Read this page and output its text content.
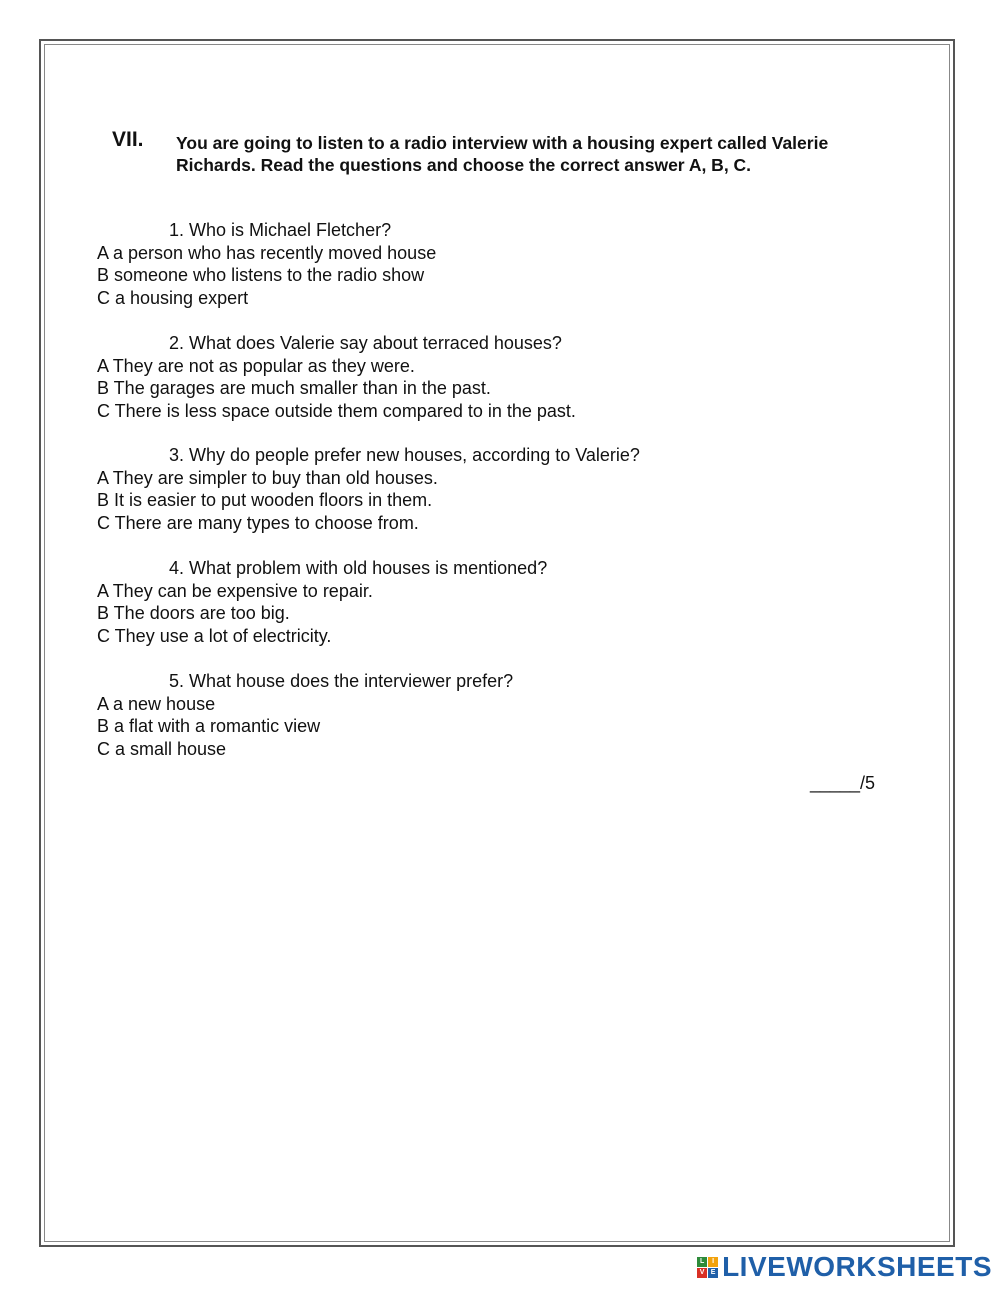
VII. You are going to listen to a radio interview with a housing expert called Valerie Richards. Read the questions and choose the correct answer A, B, C.
1. Who is Michael Fletcher?
A a person who has recently moved house
B someone who listens to the radio show
C a housing expert
2. What does Valerie say about terraced houses?
A They are not as popular as they were.
B The garages are much smaller than in the past.
C There is less space outside them compared to in the past.
3. Why do people prefer new houses, according to Valerie?
A They are simpler to buy than old houses.
B It is easier to put wooden floors in them.
C There are many types to choose from.
4. What problem with old houses is mentioned?
A They can be expensive to repair.
B The doors are too big.
C They use a lot of electricity.
5. What house does the interviewer prefer?
A a new house
B a flat with a romantic view
C a small house
_____/5
L	I
V E LIVEWORKSHEETS
